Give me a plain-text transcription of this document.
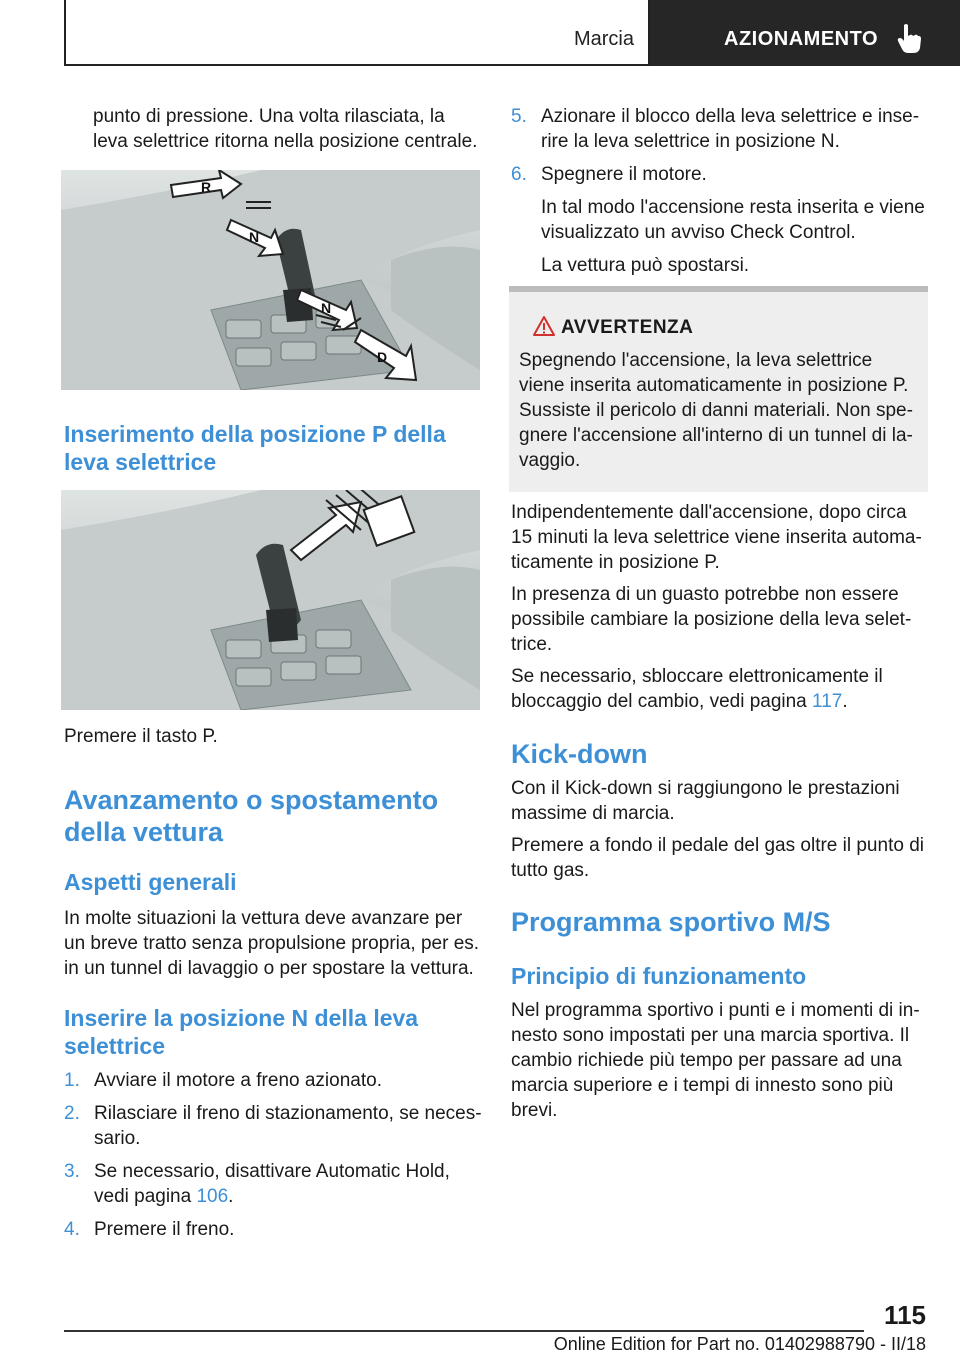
Marcia	AZIONAMENTO

punto di pressione. Una volta rilasciata, la leva selettrice ritorna nella posizione centrale.

R
N
N
D
Inserimento della posizione P della leva selettrice

Premere il tasto P.

Avanzamento o spostamento della vettura
Aspetti generali

In molte situazioni la vettura deve avanzare per un breve tratto senza propulsione propria, per es. in un tunnel di lavaggio o per spostare la vettura.

Inserire la posizione N della leva selettrice
1. Avviare il motore a freno azionato.
2. Rilasciare il freno di stazionamento, se neces‐sario.
3. Se necessario, disattivare Automatic Hold, vedi pagina 106.
4. Premere il freno.
5. Azionare il blocco della leva selettrice e inse‐rire la leva selettrice in posizione N.
6. Spegnere il motore.

In tal modo l'accensione resta inserita e viene visualizzato un avviso Check Control.

La vettura può spostarsi.

AVVERTENZA

Spegnendo l'accensione, la leva selettrice viene inserita automaticamente in posizione P. Sussiste il pericolo di danni materiali. Non spe‐gnere l'accensione all'interno di un tunnel di la‐vaggio.

Indipendentemente dall'accensione, dopo circa 15 minuti la leva selettrice viene inserita automa‐ticamente in posizione P.

In presenza di un guasto potrebbe non essere possibile cambiare la posizione della leva selet‐trice.

Se necessario, sbloccare elettronicamente il bloccaggio del cambio, vedi pagina 117.

Kick-down

Con il Kick-down si raggiungono le prestazioni massime di marcia.

Premere a fondo il pedale del gas oltre il punto di tutto gas.

Programma sportivo M/S
Principio di funzionamento

Nel programma sportivo i punti e i momenti di in‐nesto sono impostati per una marcia sportiva. Il cambio richiede più tempo per passare ad una marcia superiore e i tempi di innesto sono più brevi.

115
Online Edition for Part no. 01402988790 - II/18
